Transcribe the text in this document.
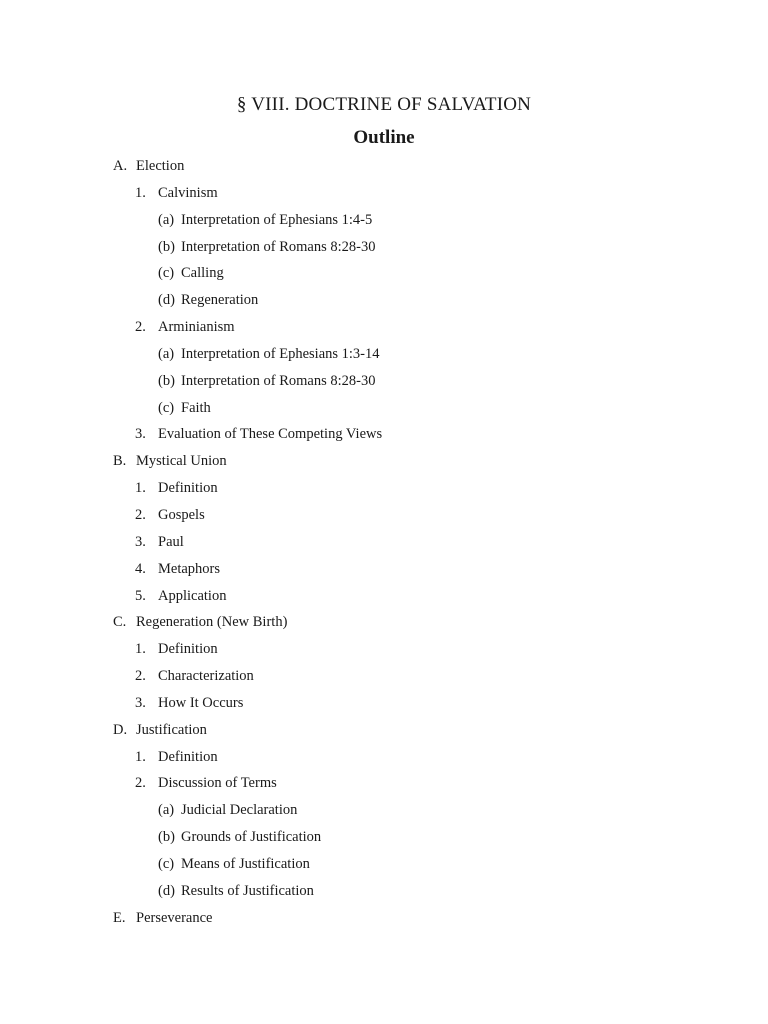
§ VIII. DOCTRINE OF SALVATION
Outline
A. Election
1. Calvinism
(a) Interpretation of Ephesians 1:4-5
(b) Interpretation of Romans 8:28-30
(c) Calling
(d) Regeneration
2. Arminianism
(a) Interpretation of Ephesians 1:3-14
(b) Interpretation of Romans 8:28-30
(c) Faith
3. Evaluation of These Competing Views
B. Mystical Union
1. Definition
2. Gospels
3. Paul
4. Metaphors
5. Application
C. Regeneration (New Birth)
1. Definition
2. Characterization
3. How It Occurs
D. Justification
1. Definition
2. Discussion of Terms
(a) Judicial Declaration
(b) Grounds of Justification
(c) Means of Justification
(d) Results of Justification
E. Perseverance
